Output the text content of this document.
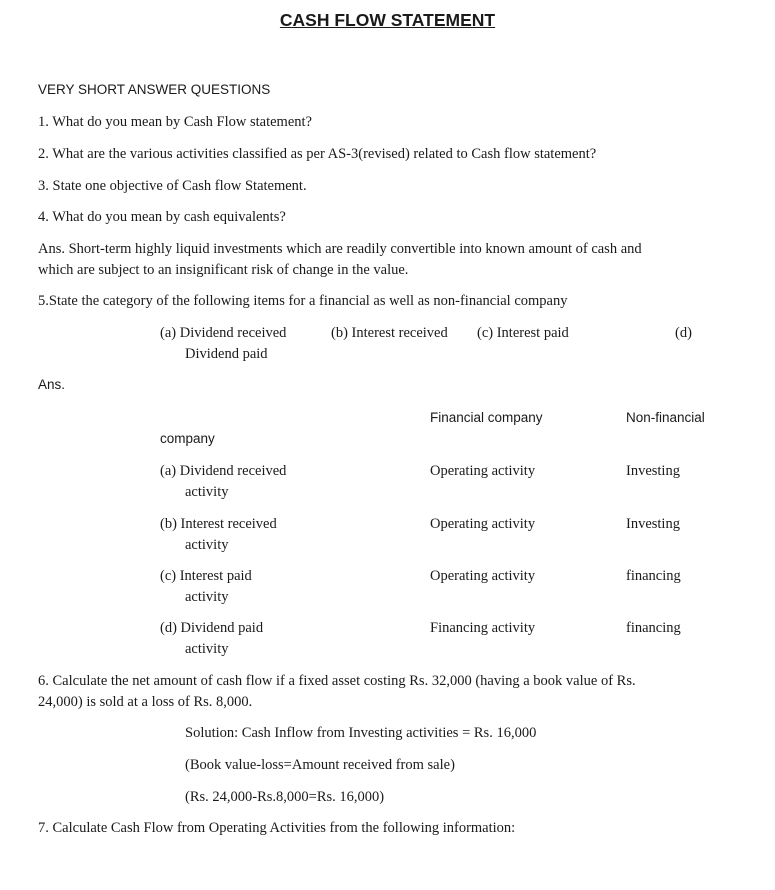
CASH FLOW STATEMENT
VERY SHORT ANSWER QUESTIONS
1. What do you mean by Cash Flow statement?
2. What are the various activities classified as per AS-3(revised) related to Cash flow statement?
3. State one objective of Cash flow Statement.
4. What do you mean by cash equivalents?
Ans. Short-term highly liquid investments which are readily convertible into known amount of cash and
which are subject to an insignificant risk of change in the value.
5.State the category of the following items for a financial as well as non-financial company
(a) Dividend received	(b) Interest received (c) Interest paid	(d)
Dividend paid
Ans.
Financial company	Non-financial
company
(a) Dividend received	Operating activity	Investing
activity
(b) Interest received	Operating activity	Investing
activity
(c) Interest paid	Operating activity	financing
activity
(d) Dividend paid	Financing activity	financing
activity
6. Calculate the net amount of cash flow if a fixed asset costing Rs. 32,000 (having a book value of Rs.
24,000) is sold at a loss of Rs. 8,000.
Solution: Cash Inflow from Investing activities = Rs. 16,000
(Book value-loss=Amount received from sale)
(Rs. 24,000-Rs.8,000=Rs. 16,000)
7. Calculate Cash Flow from Operating Activities from the following information:
